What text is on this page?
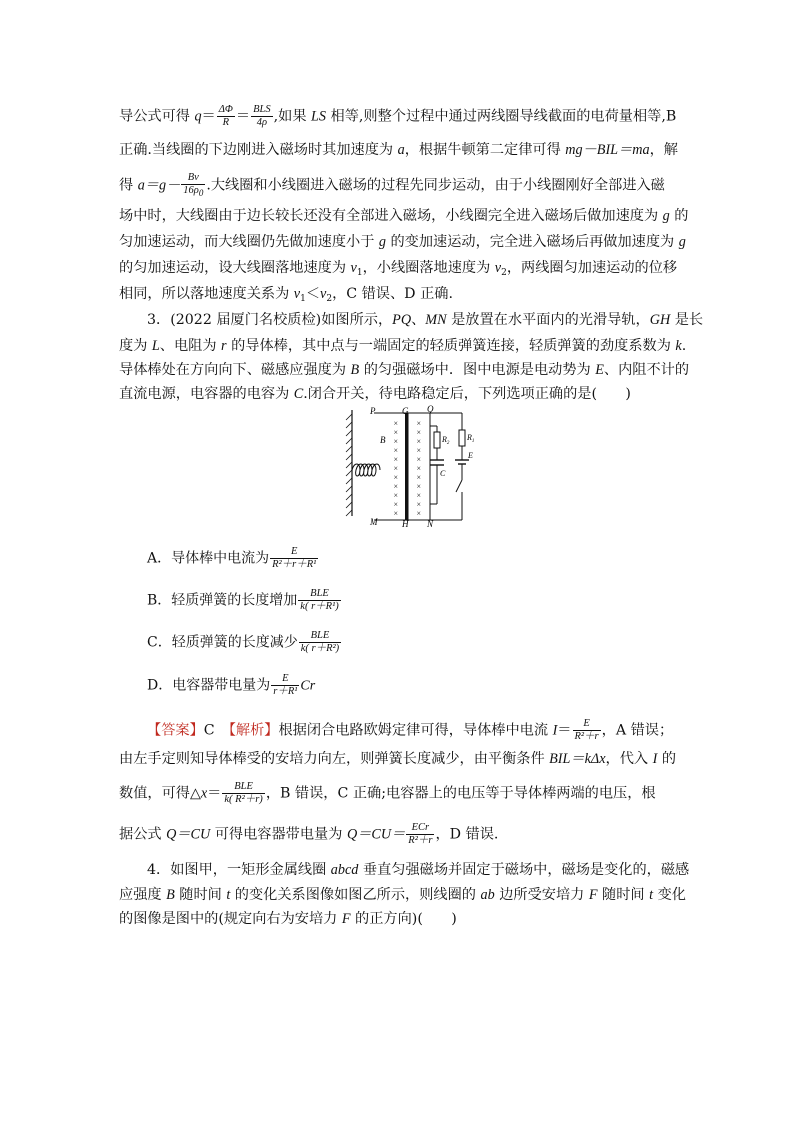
导公式可得 $q= \frac{\Delta\Phi}{R}$ ＝ BLS
4ρ ,如果 LS 相等,则整个过程中通过两线圈导线截面的电荷量相等,B
正确.当线圈的下边刚进入磁场时其加速度为 a，根据牛顿第二定律可得 mg－BIL＝ma，解
得 $a=g- \frac{Bv}{16\rho_0}$ .大线圈和小线圈进入磁场的过程先同步运动，由于小线圈刚好全部进入磁
场中时，大线圈由于边长较长还没有全部进入磁场，小线圈完全进入磁场后做加速度为 g 的
匀加速运动，而大线圈仍先做加速度小于 g 的变加速运动，完全进入磁场后再做加速度为 g
的匀加速运动，设大线圈落地速度为 $v_1$，小线圈落地速度为 $v_2$，两线圈匀加速运动的位移
相同，所以落地速度关系为 $v_1<v_2$，C 错误、D 正确.
3．(2022 届厦门名校质检)如图所示，PQ、MN 是放置在水平面内的光滑导轨，GH 是长
度为 L、电阻为 r 的导体棒，其中点与一端固定的轻质弹簧连接，轻质弹簧的劲度系数为 k.
导体棒处在方向向下、磁感应强度为 B 的匀强磁场中．图中电源是电动势为 E、内阻不计的
直流电源，电容器的电容为 C.闭合开关，待电路稳定后，下列选项正确的是(　　)
×
×
×
×
×
×
×
×
×
×
×
×
×
×
×
×
×
×
×
×
×
×
P	G Q
B
M	H N
$R_2$
$R_1$
C
E
A．导体棒中电流为 $\frac{E}{\text{R²＋r＋R¹}}$
B．轻质弹簧的长度增加	BLE
k( r＋R¹)
C．轻质弹簧的长度减少	BLE
k( r＋R²)
D．电容器带电量为 $\frac{E}{\text{r＋R¹}}$ Cr
【答案】C　 【解析】根据闭合电路欧姆定律可得，导体棒中电流 $I= \frac{E}{\text{R²＋r}}$ ，A 错误；
由左手定则知导体棒受的安培力向左，则弹簧长度减少，由平衡条件 BIL＝kΔx，代入 I 的
数值，可得△x＝	BLE
k( R²＋r) ，B 错误，C 正确;电容器上的电压等于导体棒两端的电压，根
据公式 Q＝CU 可得电容器带电量为 Q＝CU＝ ECr
R²＋r ，D 错误.
4．如图甲，一矩形金属线圈 abcd 垂直匀强磁场并固定于磁场中，磁场是变化的，磁感
应强度 B 随时间 t 的变化关系图像如图乙所示，则线圈的 ab 边所受安培力 F 随时间 t 变化
的图像是图中的(规定向右为安培力 F 的正方向)(　　)
